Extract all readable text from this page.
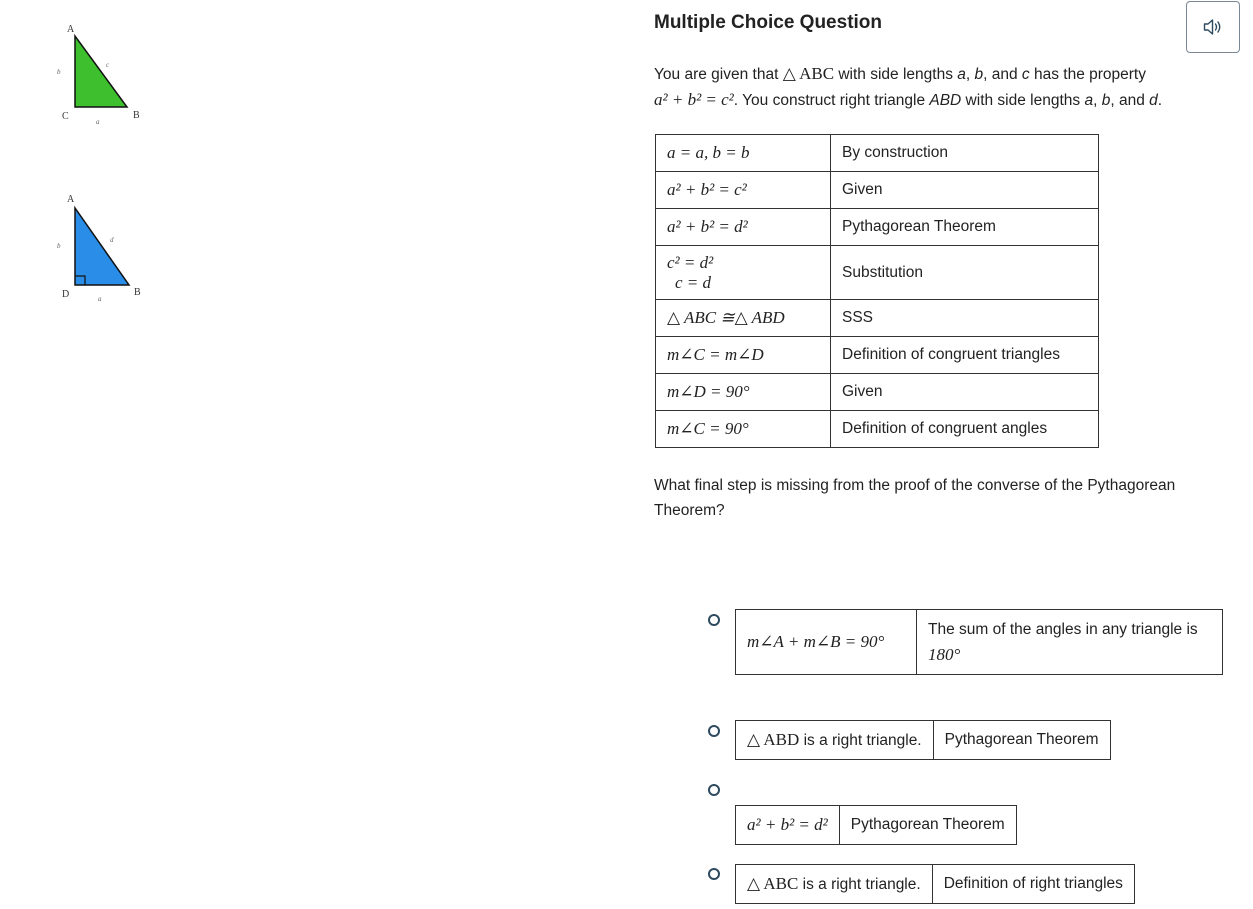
A
C	B
c
b
a
A
D	B
d
b
a
Multiple Choice Question
You are given that △ ABC with side lengths a, b, and c has the property
a² + b² = c². You construct right triangle ABD with side lengths a, b, and d.
a = a, b = b	By construction
a² + b² = c²	Given
a² + b² = d²	Pythagorean Theorem

c² = d²
c = d	Substitution
△ ABC ≅△ ABD	SSS
m∠C = m∠D	Definition of congruent triangles
m∠D = 90°	Given
m∠C = 90°	Definition of congruent angles

What final step is missing from the proof of the converse of the Pythagorean Theorem?

m∠A + m∠B = 90°	The sum of the angles in any triangle is 180°
△ ABD is a right triangle.	Pythagorean Theorem
a² + b² = d²	Pythagorean Theorem
△ ABC is a right triangle.	Definition of right triangles
